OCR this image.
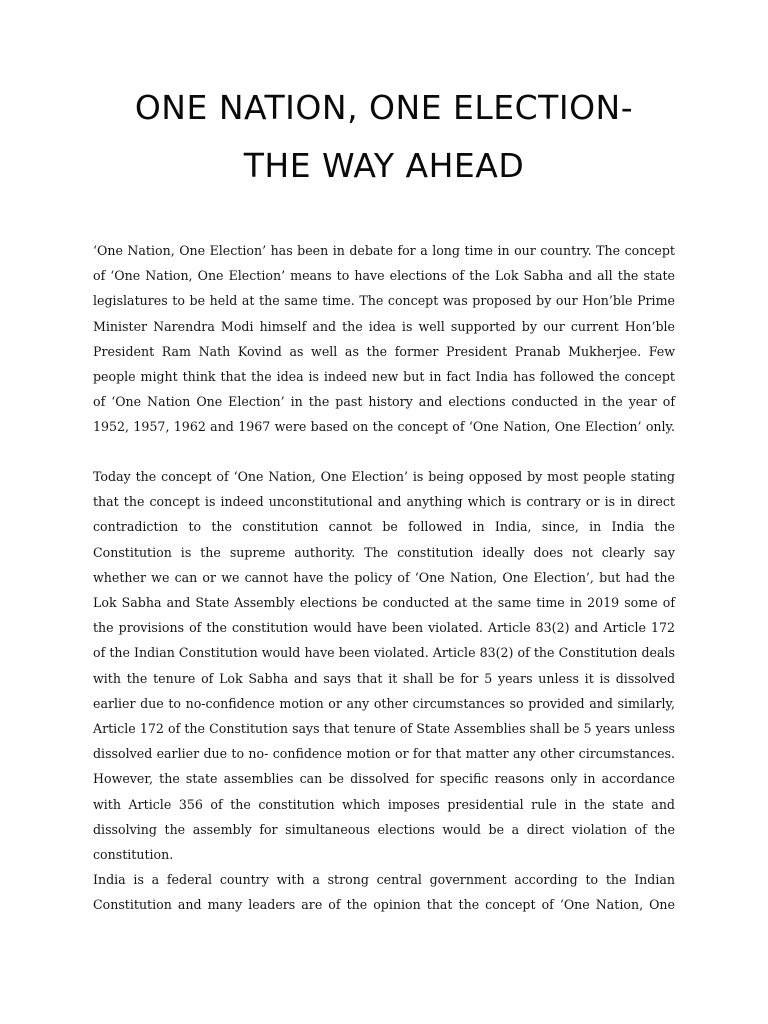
ONE NATION, ONE ELECTION-
THE WAY AHEAD

‘One Nation, One Election’ has been in debate for a long time in our country. The concept of ‘One Nation, One Election’ means to have elections of the Lok Sabha and all the state legislatures to be held at the same time. The concept was proposed by our Hon’ble Prime Minister Narendra Modi himself and the idea is well supported by our current Hon’ble President Ram Nath Kovind as well as the former President Pranab Mukherjee. Few people might think that the idea is indeed new but in fact India has followed the concept of ‘One Nation One Election’ in the past history and elections conducted in the year of 1952, 1957, 1962 and 1967 were based on the concept of ‘One Nation, One Election’ only.

Today the concept of ‘One Nation, One Election’ is being opposed by most people stating that the concept is indeed unconstitutional and anything which is contrary or is in direct contradiction to the constitution cannot be followed in India, since, in India the Constitution is the supreme authority. The constitution ideally does not clearly say whether we can or we cannot have the policy of ‘One Nation, One Election’, but had the Lok Sabha and State Assembly elections be conducted at the same time in 2019 some of the provisions of the constitution would have been violated. Article 83(2) and Article 172 of the Indian Constitution would have been violated. Article 83(2) of the Constitution deals with the tenure of Lok Sabha and says that it shall be for 5 years unless it is dissolved earlier due to no-confidence motion or any other circumstances so provided and similarly, Article 172 of the Constitution says that tenure of State Assemblies shall be 5 years unless dissolved earlier due to no- confidence motion or for that matter any other circumstances. However, the state assemblies can be dissolved for specific reasons only in accordance with Article 356 of the constitution which imposes presidential rule in the state and dissolving the assembly for simultaneous elections would be a direct violation of the constitution.

India is a federal country with a strong central government according to the Indian Constitution and many leaders are of the opinion that the concept of ‘One Nation, One
